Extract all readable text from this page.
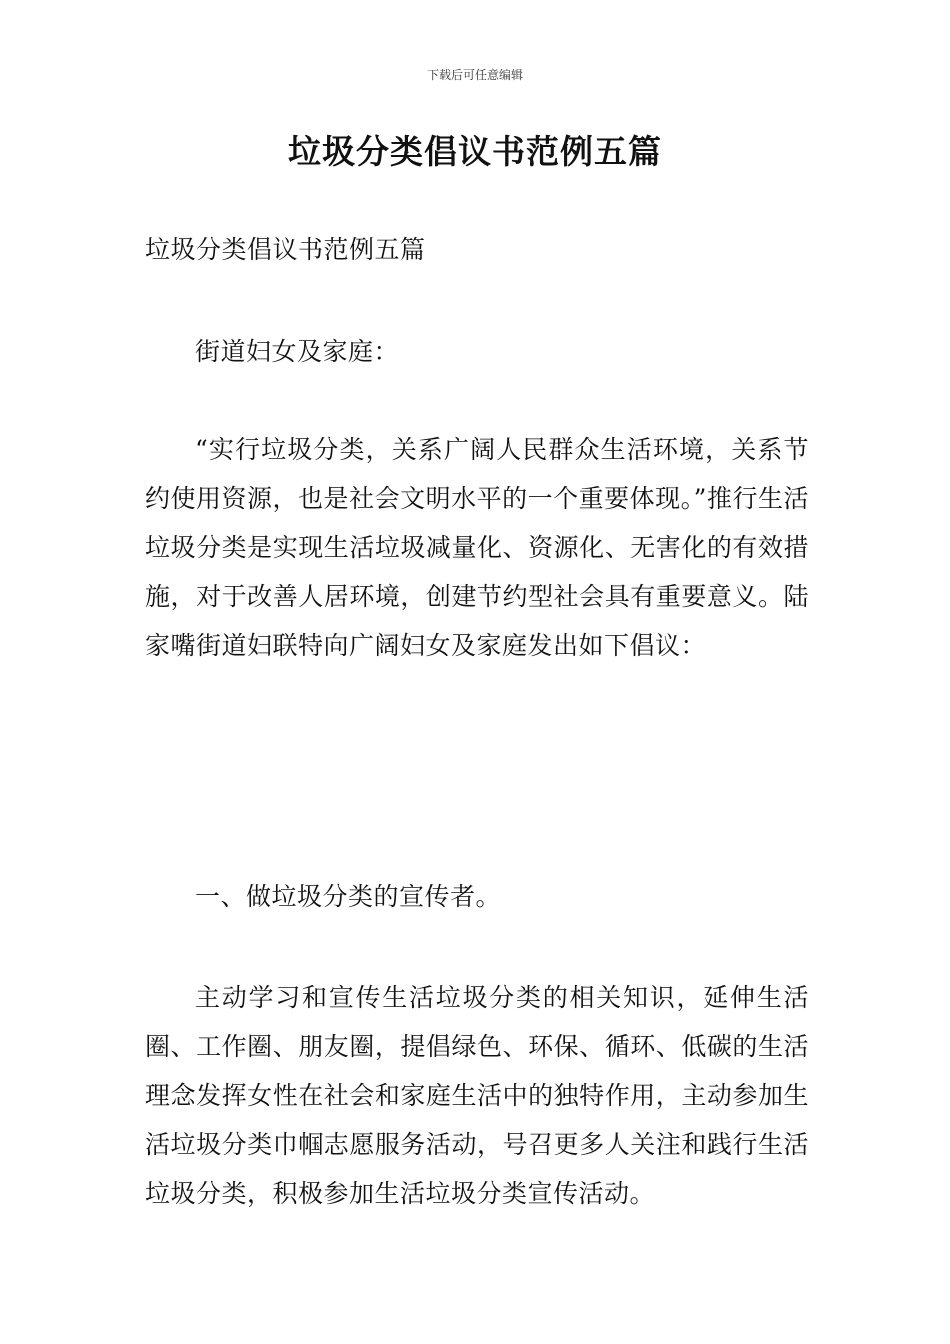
下载后可任意编辑
垃圾分类倡议书范例五篇

垃圾分类倡议书范例五篇

街道妇女及家庭：

“实行垃圾分类，关系广阔人民群众生活环境，关系节约使用资源，也是社会文明水平的一个重要体现。”推行生活垃圾分类是实现生活垃圾减量化、资源化、无害化的有效措施，对于改善人居环境，创建节约型社会具有重要意义。陆家嘴街道妇联特向广阔妇女及家庭发出如下倡议：

一、做垃圾分类的宣传者。

主动学习和宣传生活垃圾分类的相关知识，延伸生活圈、工作圈、朋友圈，提倡绿色、环保、循环、低碳的生活理念发挥女性在社会和家庭生活中的独特作用，主动参加生活垃圾分类巾帼志愿服务活动，号召更多人关注和践行生活垃圾分类，积极参加生活垃圾分类宣传活动。
